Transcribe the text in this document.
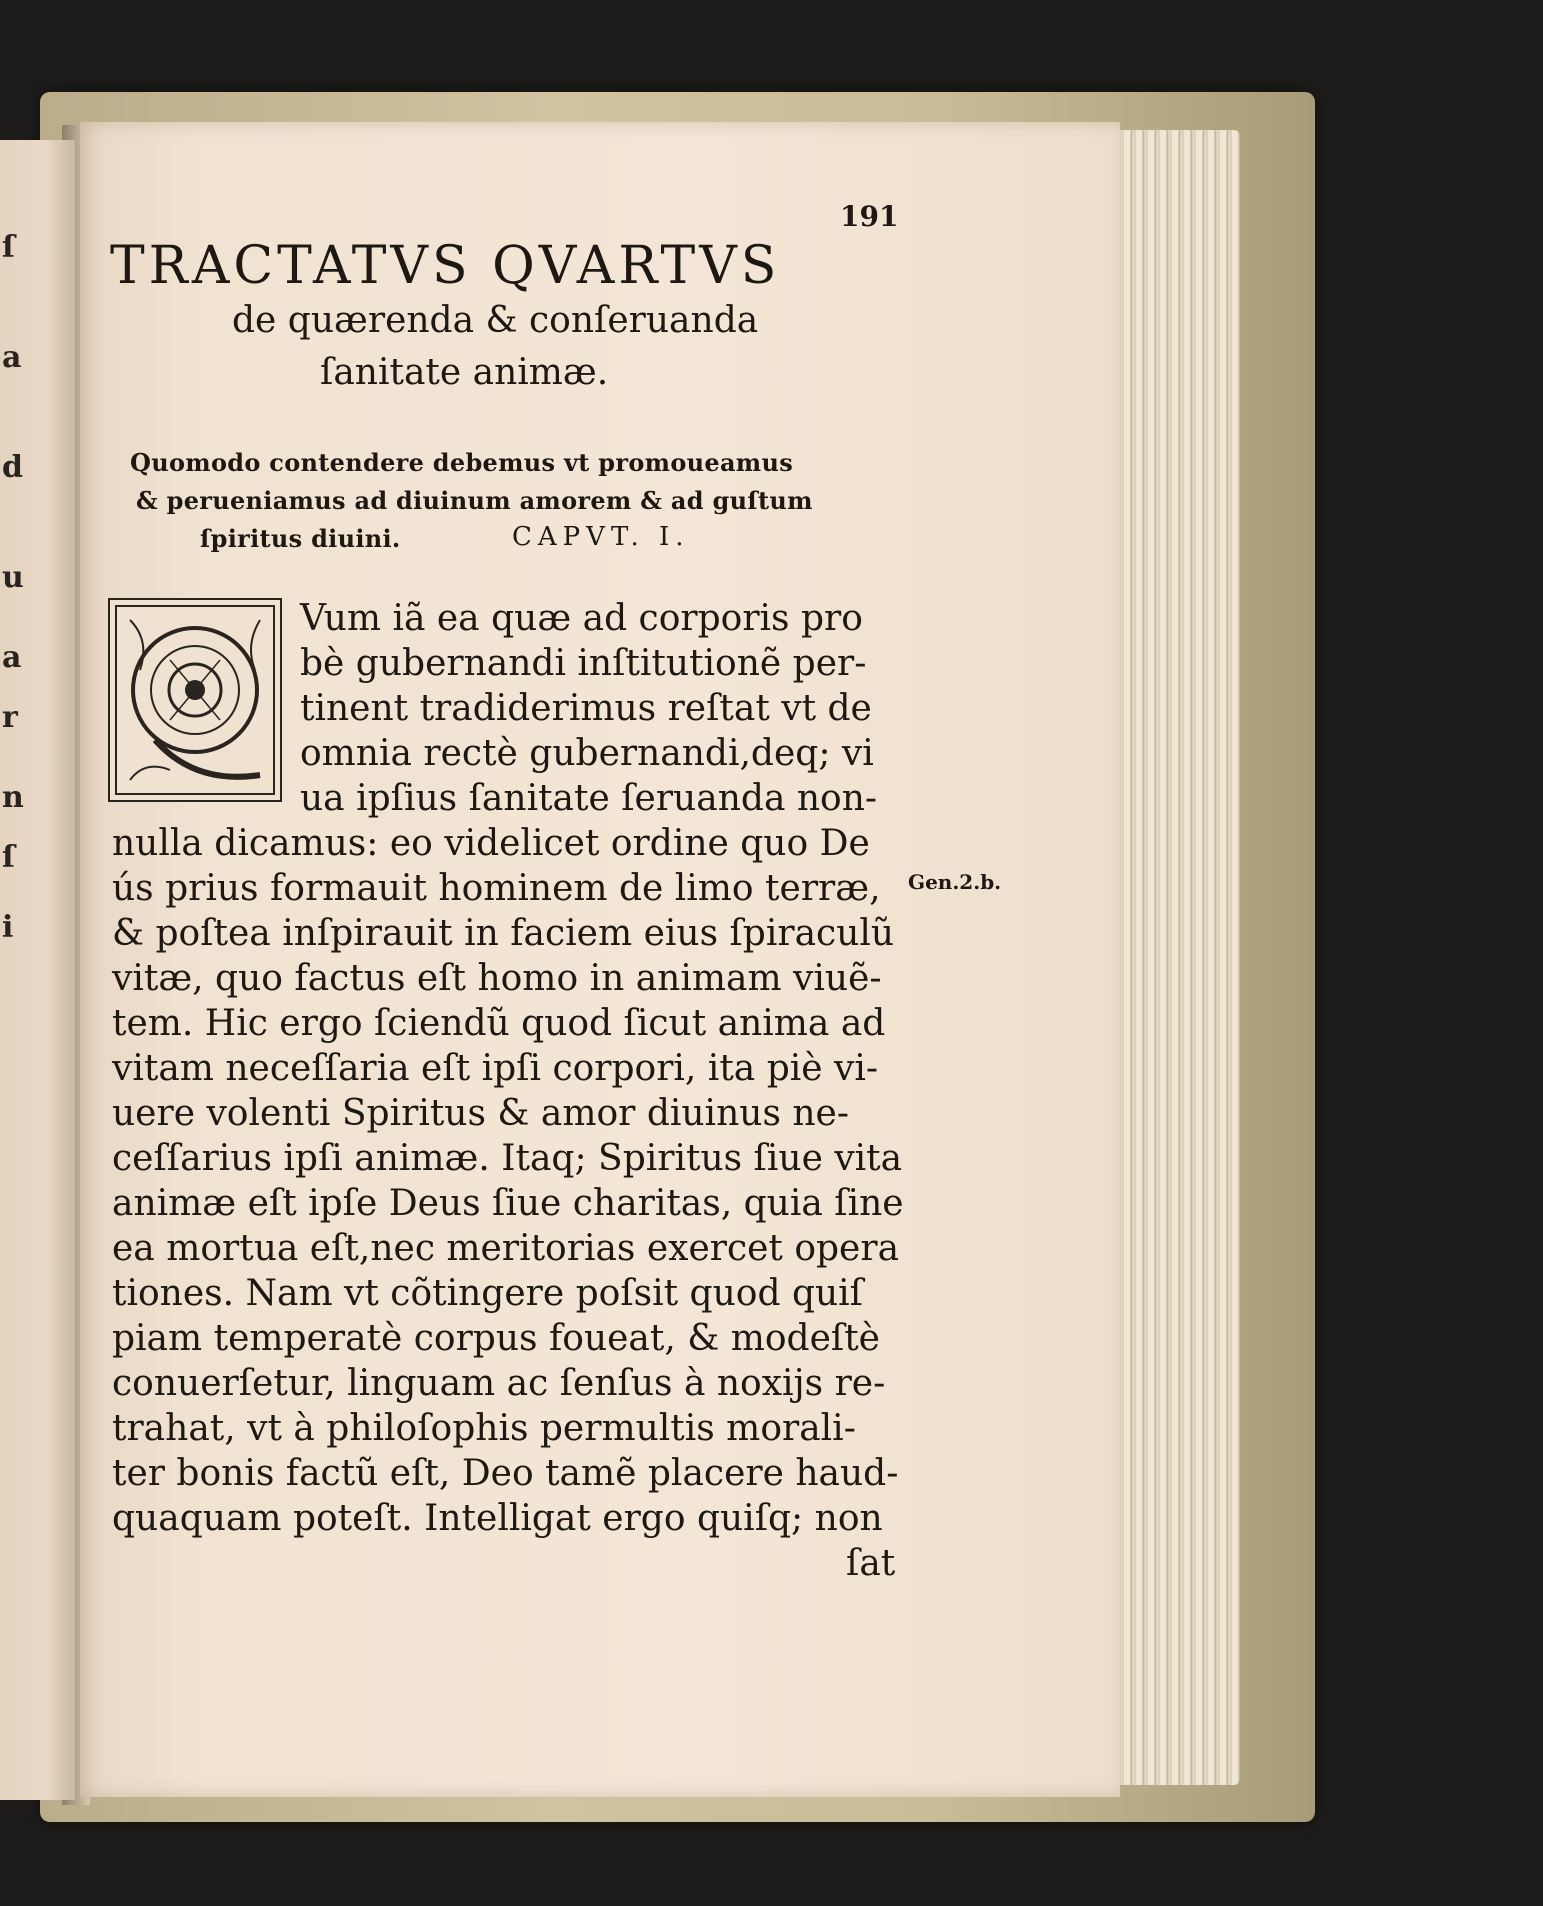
ſ
a
d
u
a
r
n
ſ
i
191
TRACTATVS QVARTVS
de quærenda & conſeruanda
ſanitate animæ.
Quomodo contendere debemus vt promoueamus
& perueniamus ad diuinum amorem & ad guſtum
ſpiritus diuini.	CAPVT. I.
Vum iã ea quæ ad corporis pro
bè gubernandi inſtitutionẽ per-
tinent tradiderimus reſtat vt de
omnia rectè gubernandi,deq; vi
ua ipſius ſanitate ſeruanda non-
nulla dicamus: eo videlicet ordine quo De
ús prius formauit hominem de limo terræ,
& poſtea inſpirauit in faciem eius ſpiraculũ
vitæ, quo factus eſt homo in animam viuẽ-
tem. Hic ergo ſciendũ quod ſicut anima ad
vitam neceſſaria eſt ipſi corpori, ita piè vi-
uere volenti Spiritus & amor diuinus ne-
ceſſarius ipſi animæ. Itaq; Spiritus ſiue vita
animæ eſt ipſe Deus ſiue charitas, quia ſine
ea mortua eſt,nec meritorias exercet opera
tiones. Nam vt cõtingere poſsit quod quiſ
piam temperatè corpus foueat, & modeſtè
conuerſetur, linguam ac ſenſus à noxiјs re-
trahat, vt à philoſophis permultis morali-
ter bonis factũ eſt, Deo tamẽ placere haud-
quaquam poteſt. Intelligat ergo quiſq; non
ſat
Gen.2.b.
